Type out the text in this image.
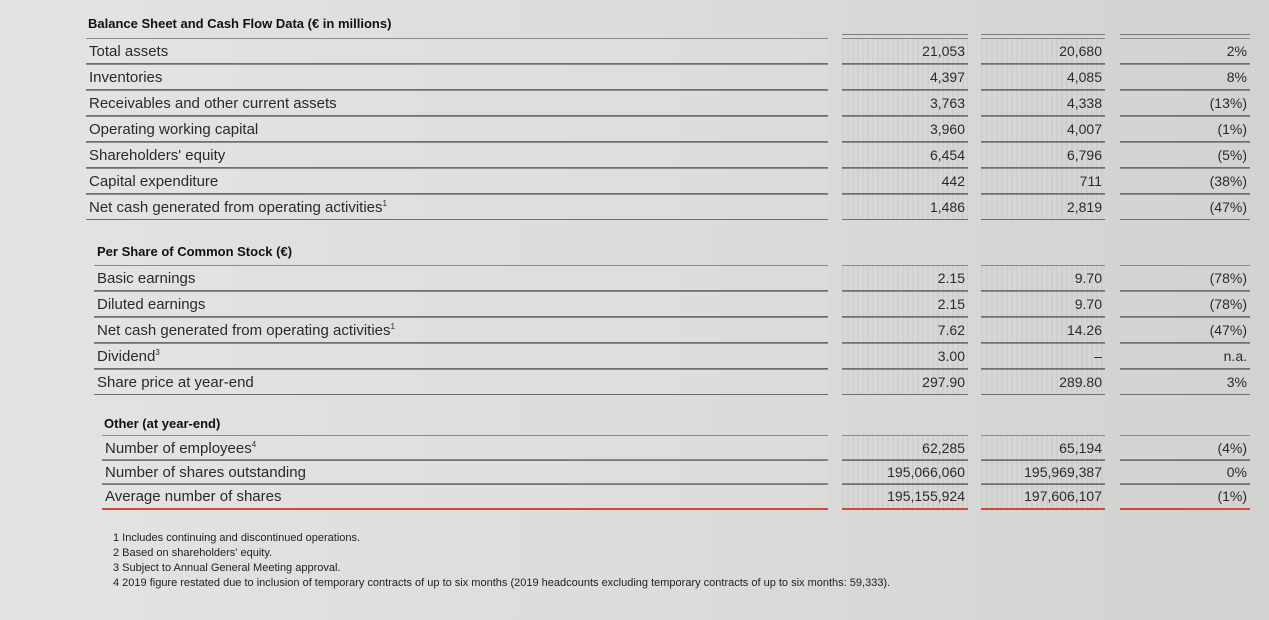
Balance Sheet and Cash Flow Data (€ in millions)
Total assets	21,053	20,680	2%
Inventories	4,397	4,085	8%
Receivables and other current assets	3,763	4,338	(13%)
Operating working capital	3,960	4,007	(1%)
Shareholders' equity	6,454	6,796	(5%)
Capital expenditure	442	711	(38%)
Net cash generated from operating activities$^1$	1,486	2,819	(47%)
Per Share of Common Stock (€)
Basic earnings	2.15	9.70	(78%)
Diluted earnings	2.15	9.70	(78%)
Net cash generated from operating activities$^1$	7.62	14.26	(47%)
Dividend$^3$	3.00	–	n.a.
Share price at year-end	297.90	289.80	3%
Other (at year-end)
Number of employees$^4$	62,285	65,194	(4%)
Number of shares outstanding	195,066,060	195,969,387	0%
Average number of shares	195,155,924	197,606,107	(1%)
1 Includes continuing and discontinued operations.
2 Based on shareholders' equity.
3 Subject to Annual General Meeting approval.
4 2019 figure restated due to inclusion of temporary contracts of up to six months (2019 headcounts excluding temporary contracts of up to six months: 59,333).
